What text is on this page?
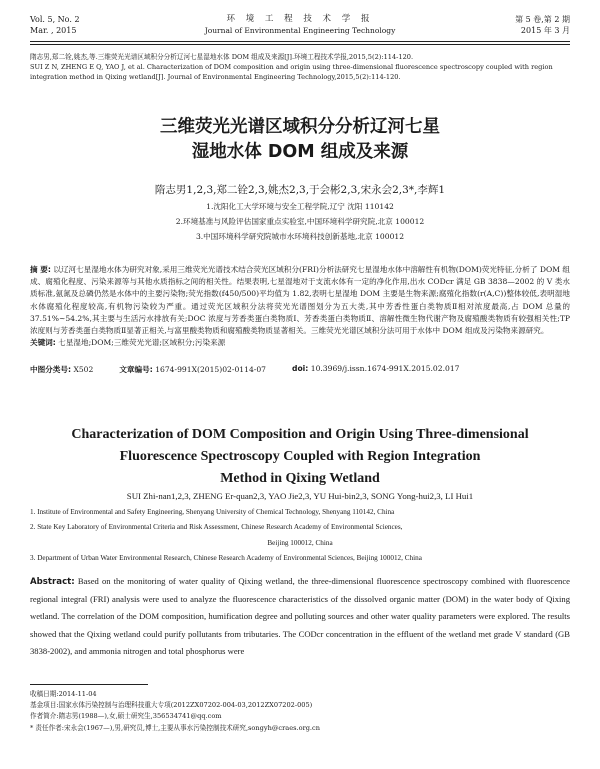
Vol. 5, No. 2
Mar. , 2015
环 境 工 程 技 术 学 报
Journal of Environmental Engineering Technology
第 5 卷,第 2 期
2015 年 3 月

隋志男,郑二铨,姚杰,等.三维荧光光谱区域积分分析辽河七星湿地水体 DOM 组成及来源[J].环境工程技术学报,2015,5(2):114-120.

SUI Z N, ZHENG E Q, YAO J, et al. Characterization of DOM composition and origin using three-dimensional fluorescence spectroscopy coupled with region integration method in Qixing wetland[J]. Journal of Environmental Engineering Technology,2015,5(2):114-120.

三维荧光光谱区域积分分析辽河七星
湿地水体 DOM 组成及来源
隋志男1,2,3,郑二铨2,3,姚杰2,3,于会彬2,3,宋永会2,3*,李辉1

1.沈阳化工大学环境与安全工程学院,辽宁 沈阳 110142

2.环境基准与风险评估国家重点实验室,中国环境科学研究院,北京 100012

3.中国环境科学研究院城市水环境科技创新基地,北京 100012

摘 要: 以辽河七星湿地水体为研究对象,采用三维荧光光谱技术结合荧光区域积分(FRI)分析法研究七星湿地水体中溶解性有机物(DOM)荧光特征,分析了 DOM 组成、腐殖化程度、污染来源等与其他水质指标之间的相关性。结果表明,七星湿地对于支流水体有一定的净化作用,出水 CODcr 满足 GB 3838—2002 的 V 类水质标准,氨氮及总磷仍然是水体中的主要污染物;荧光指数(f450/500)平均值为 1.82,表明七星湿地 DOM 主要是生物来源;腐殖化指数(r(A,C))整体较低,表明湿地水体腐殖化程度较高,有机物污染较为严重。通过荧光区域积分法将荧光光谱图划分为五大类,其中芳香性蛋白类物质Ⅱ相对浓度最高,占 DOM 总量的 37.51%~54.2%,其主要与生活污水排放有关;DOC 浓度与芳香类蛋白类物质Ⅰ、芳香类蛋白类物质Ⅱ、溶解性微生物代谢产物及腐殖酸类物质有较强相关性;TP 浓度则与芳香类蛋白类物质Ⅱ显著正相关,与富里酸类物质和腐殖酸类物质显著相关。三维荧光光谱区域积分法可用于水体中 DOM 组成及污染物来源研究。

关键词: 七星湿地;DOM;三维荧光光谱;区域积分;污染来源

中图分类号: X502	文章编号: 1674-991X(2015)02-0114-07	doi: 10.3969/j.issn.1674-991X.2015.02.017
Characterization of DOM Composition and Origin Using Three-dimensional
Fluorescence Spectroscopy Coupled with Region Integration
Method in Qixing Wetland
SUI Zhi-nan1,2,3, ZHENG Er-quan2,3, YAO Jie2,3, YU Hui-bin2,3, SONG Yong-hui2,3, LI Hui1

1. Institute of Environmental and Safety Engineering, Shenyang University of Chemical Technology, Shenyang 110142, China

2. State Key Laboratory of Environmental Criteria and Risk Assessment, Chinese Research Academy of Environmental Sciences,

Beijing 100012, China

3. Department of Urban Water Environmental Research, Chinese Research Academy of Environmental Sciences, Beijing 100012, China

Abstract: Based on the monitoring of water quality of Qixing wetland, the three-dimensional fluorescence spectroscopy combined with fluorescence regional integral (FRI) analysis were used to analyze the fluorescence characteristics of the dissolved organic matter (DOM) in the water body of Qixing wetland. The correlation of the DOM composition, humification degree and polluting sources and other water quality parameters were explored. The results showed that the Qixing wetland could purify pollutants from tributaries. The CODcr concentration in the effluent of the wetland met grade V standard (GB 3838-2002), and ammonia nitrogen and total phosphorus were

收稿日期:2014-11-04

基金项目:国家水体污染控制与治理科技重大专项(2012ZX07202-004-03,2012ZX07202-005)

作者简介:隋志男(1988—),女,硕士研究生,356534741@qq.com

* 责任作者:宋永会(1967—),男,研究员,博士,主要从事水污染控制技术研究,songyh@craes.org.cn
